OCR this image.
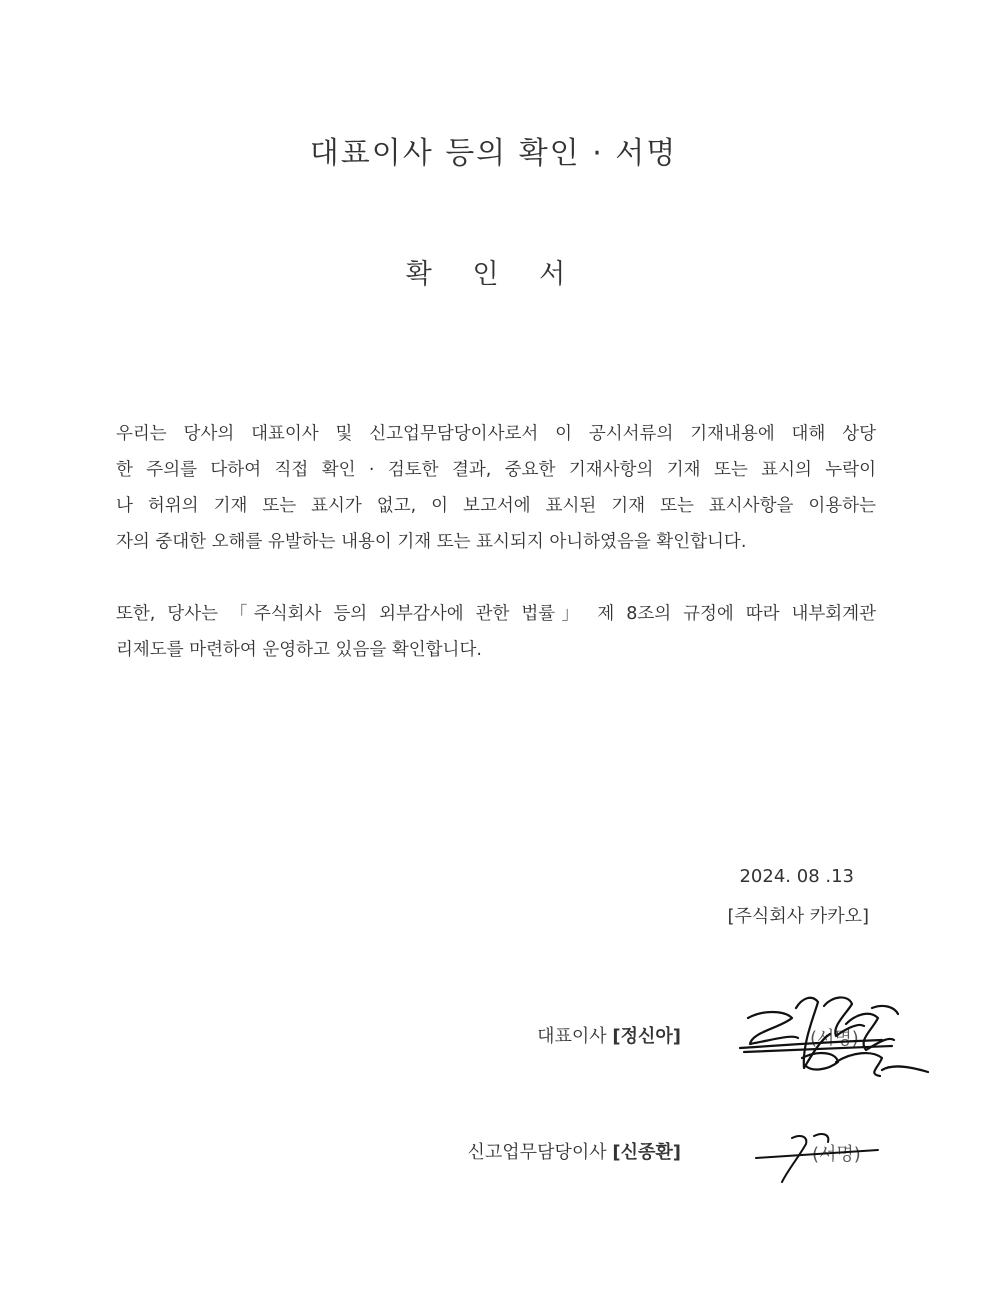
대표이사 등의 확인 · 서명
확 인 서
우리는 당사의 대표이사 및 신고업무담당이사로서 이 공시서류의 기재내용에 대해 상당
한 주의를 다하여 직접 확인 · 검토한 결과, 중요한 기재사항의 기재 또는 표시의 누락이
나 허위의 기재 또는 표시가 없고, 이 보고서에 표시된 기재 또는 표시사항을 이용하는
자의 중대한 오해를 유발하는 내용이 기재 또는 표시되지 아니하였음을 확인합니다.
또한, 당사는 「주식회사 등의 외부감사에 관한 법률」 제 8조의 규정에 따라 내부회계관
리제도를 마련하여 운영하고 있음을 확인합니다.
2024. 08 .13
[주식회사 카카오]
대표이사 [정신아]	(서명)
신고업무담당이사 [신종환]	(서명)
